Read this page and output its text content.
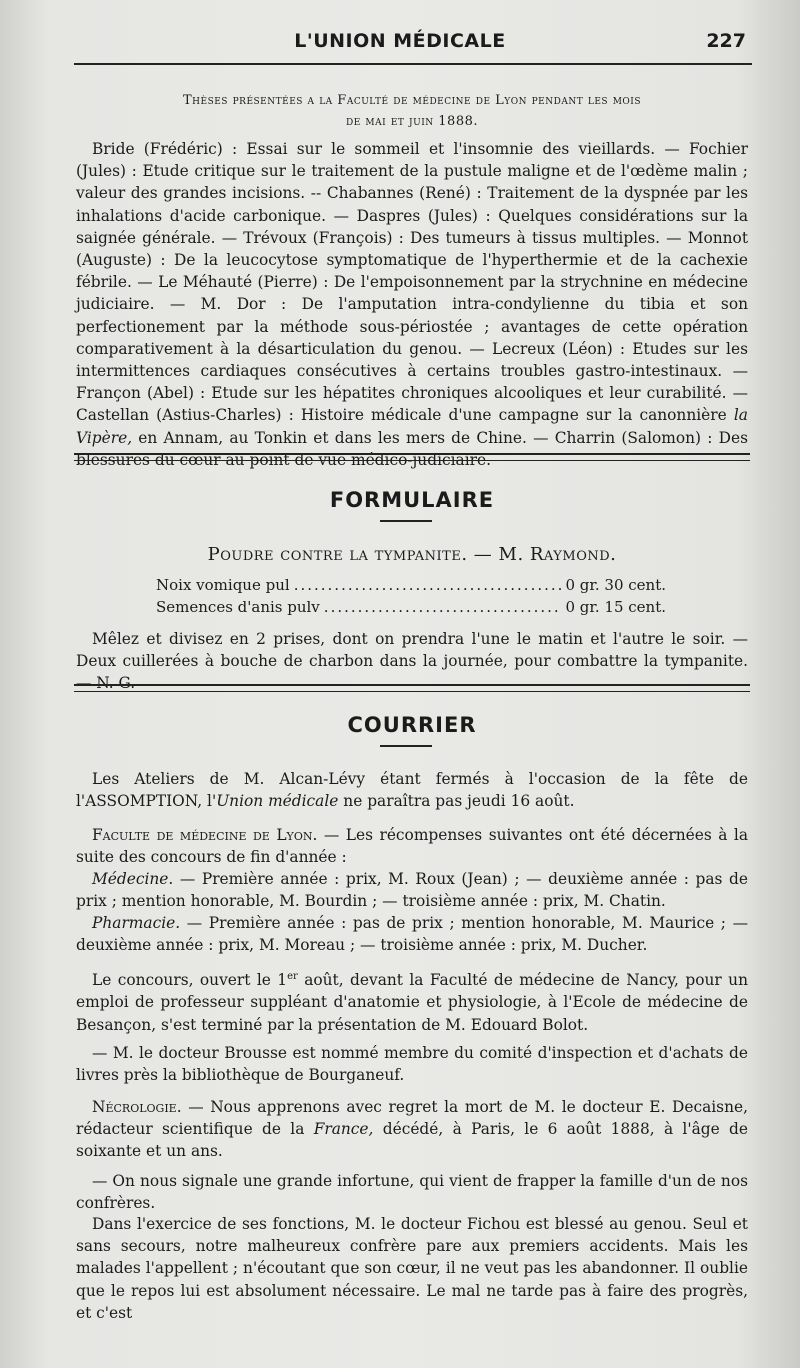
L'UNION MÉDICALE	227
Thèses présentées a la Faculté de médecine de Lyon pendant les mois
de mai et juin 1888.

Bride (Frédéric) : Essai sur le sommeil et l'insomnie des vieillards. — Fochier (Jules) : Etude critique sur le traitement de la pustule maligne et de l'œdème malin ; valeur des grandes incisions. -- Chabannes (René) : Traitement de la dyspnée par les inhalations d'acide carbonique. — Daspres (Jules) : Quelques considérations sur la saignée générale. — Trévoux (François) : Des tumeurs à tissus multiples. — Monnot (Auguste) : De la leucocytose symptomatique de l'hyperthermie et de la cachexie fébrile. — Le Méhauté (Pierre) : De l'empoisonnement par la strychnine en médecine judiciaire. — M. Dor : De l'amputation intra-condylienne du tibia et son perfectionement par la méthode sous-périostée ; avantages de cette opération comparativement à la désarticulation du genou. — Lecreux (Léon) : Etudes sur les intermittences cardiaques consécutives à certains troubles gastro-intestinaux. — Françon (Abel) : Etude sur les hépatites chroniques alcooliques et leur curabilité. — Castellan (Astius-Charles) : Histoire médicale d'une campagne sur la canonnière la Vipère, en Annam, au Tonkin et dans les mers de Chine. — Charrin (Salomon) : Des blessures du cœur au point de vue médico-judiciaire.

FORMULAIRE
Poudre contre la tympanite. — M. Raymond.
Noix vomique pul .....	0 gr. 30 cent.
Semences d'anis pulv .....	0 gr. 15 cent.

Mêlez et divisez en 2 prises, dont on prendra l'une le matin et l'autre le soir. — Deux cuillerées à bouche de charbon dans la journée, pour combattre la tympanite. — N. G.

COURRIER

Les Ateliers de M. Alcan-Lévy étant fermés à l'occasion de la fête de l'ASSOMPTION, l'Union médicale ne paraîtra pas jeudi 16 août.

Faculte de médecine de Lyon. — Les récompenses suivantes ont été décernées à la suite des concours de fin d'année :

Médecine. — Première année : prix, M. Roux (Jean) ; — deuxième année : pas de prix ; mention honorable, M. Bourdin ; — troisième année : prix, M. Chatin.

Pharmacie. — Première année : pas de prix ; mention honorable, M. Maurice ; — deuxième année : prix, M. Moreau ; — troisième année : prix, M. Ducher.

Le concours, ouvert le 1er août, devant la Faculté de médecine de Nancy, pour un emploi de professeur suppléant d'anatomie et physiologie, à l'Ecole de médecine de Besançon, s'est terminé par la présentation de M. Edouard Bolot.

— M. le docteur Brousse est nommé membre du comité d'inspection et d'achats de livres près la bibliothèque de Bourganeuf.

Nécrologie. — Nous apprenons avec regret la mort de M. le docteur E. Decaisne, rédacteur scientifique de la France, décédé, à Paris, le 6 août 1888, à l'âge de soixante et un ans.

— On nous signale une grande infortune, qui vient de frapper la famille d'un de nos confrères.

Dans l'exercice de ses fonctions, M. le docteur Fichou est blessé au genou. Seul et sans secours, notre malheureux confrère pare aux premiers accidents. Mais les malades l'appellent ; n'écoutant que son cœur, il ne veut pas les abandonner. Il oublie que le repos lui est absolument nécessaire. Le mal ne tarde pas à faire des progrès, et c'est
